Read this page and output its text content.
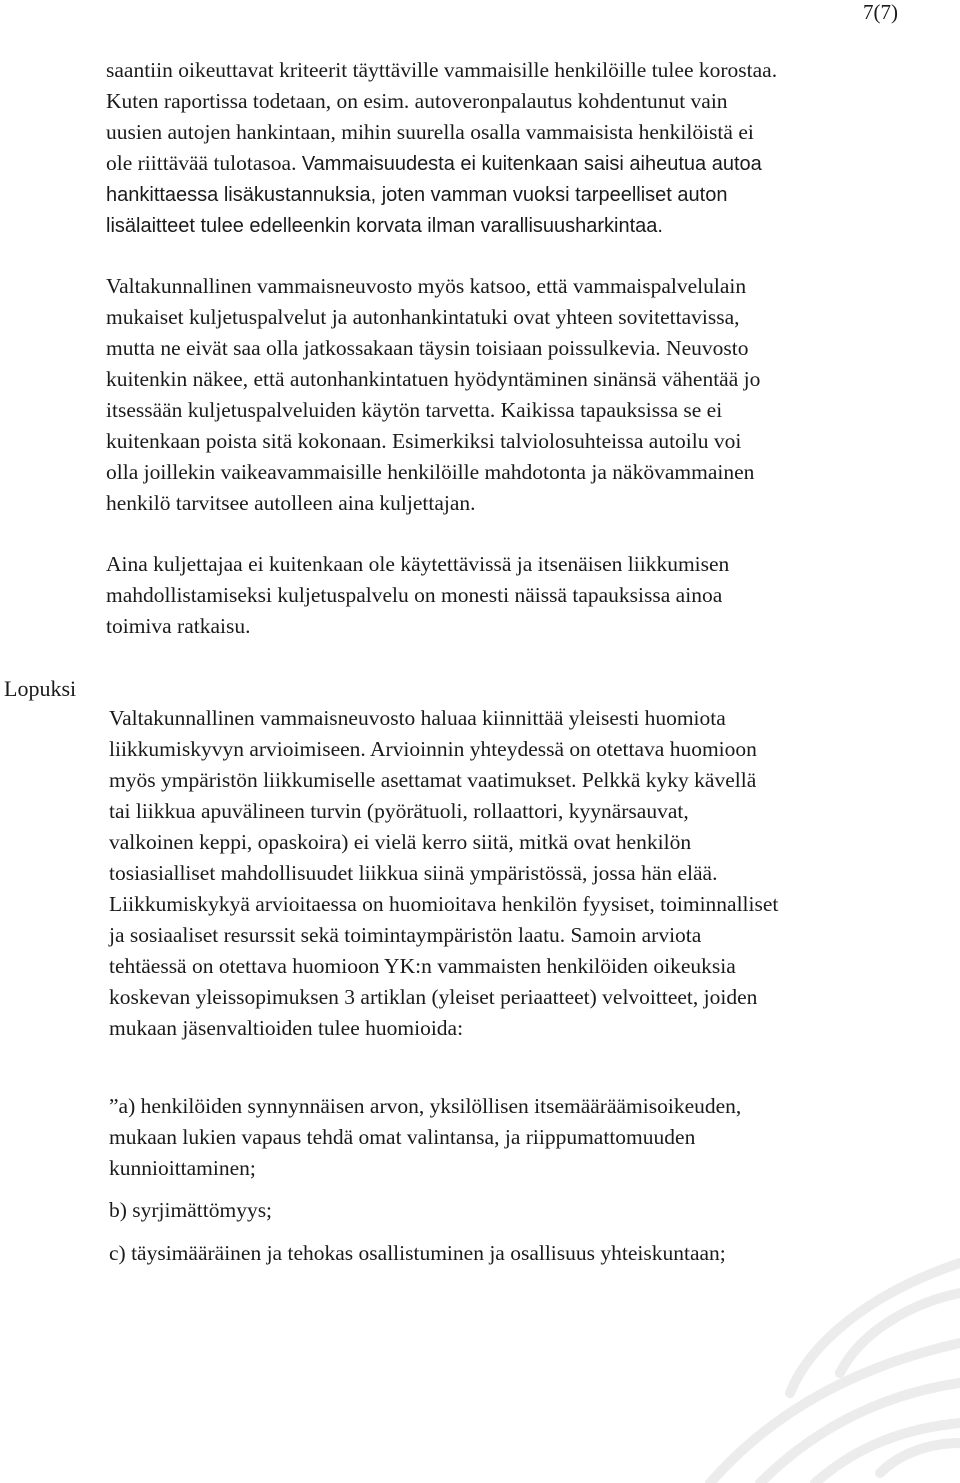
7(7)
saantiin oikeuttavat kriteerit täyttäville vammaisille henkilöille tulee korostaa.
Kuten raportissa todetaan, on esim. autoveronpalautus kohdentunut vain
uusien autojen hankintaan, mihin suurella osalla vammaisista henkilöistä ei
ole riittävää tulotasoa. Vammaisuudesta ei kuitenkaan saisi aiheutua autoa
hankittaessa lisäkustannuksia, joten vamman vuoksi tarpeelliset auton
lisälaitteet tulee edelleenkin korvata ilman varallisuusharkintaa.
Valtakunnallinen vammaisneuvosto myös katsoo, että vammaispalvelulain
mukaiset kuljetuspalvelut ja autonhankintatuki ovat yhteen sovitettavissa,
mutta ne eivät saa olla jatkossakaan täysin toisiaan poissulkevia. Neuvosto
kuitenkin näkee, että autonhankintatuen hyödyntäminen sinänsä vähentää jo
itsessään kuljetuspalveluiden käytön tarvetta. Kaikissa tapauksissa se ei
kuitenkaan poista sitä kokonaan. Esimerkiksi talviolosuhteissa autoilu voi
olla joillekin vaikeavammaisille henkilöille mahdotonta ja näkövammainen
henkilö tarvitsee autolleen aina kuljettajan.
Aina kuljettajaa ei kuitenkaan ole käytettävissä ja itsenäisen liikkumisen
mahdollistamiseksi kuljetuspalvelu on monesti näissä tapauksissa ainoa
toimiva ratkaisu.
Lopuksi
Valtakunnallinen vammaisneuvosto haluaa kiinnittää yleisesti huomiota
liikkumiskyvyn arvioimiseen. Arvioinnin yhteydessä on otettava huomioon
myös ympäristön liikkumiselle asettamat vaatimukset. Pelkkä kyky kävellä
tai liikkua apuvälineen turvin (pyörätuoli, rollaattori, kyynärsauvat,
valkoinen keppi, opaskoira) ei vielä kerro siitä, mitkä ovat henkilön
tosiasialliset mahdollisuudet liikkua siinä ympäristössä, jossa hän elää.
Liikkumiskykyä arvioitaessa on huomioitava henkilön fyysiset, toiminnalliset
ja sosiaaliset resurssit sekä toimintaympäristön laatu. Samoin arviota
tehtäessä on otettava huomioon YK:n vammaisten henkilöiden oikeuksia
koskevan yleissopimuksen 3 artiklan (yleiset periaatteet) velvoitteet, joiden
mukaan jäsenvaltioiden tulee huomioida:
”a) henkilöiden synnynnäisen arvon, yksilöllisen itsemääräämisoikeuden,
mukaan lukien vapaus tehdä omat valintansa, ja riippumattomuuden
kunnioittaminen;
b) syrjimättömyys;
c) täysimääräinen ja tehokas osallistuminen ja osallisuus yhteiskuntaan;
